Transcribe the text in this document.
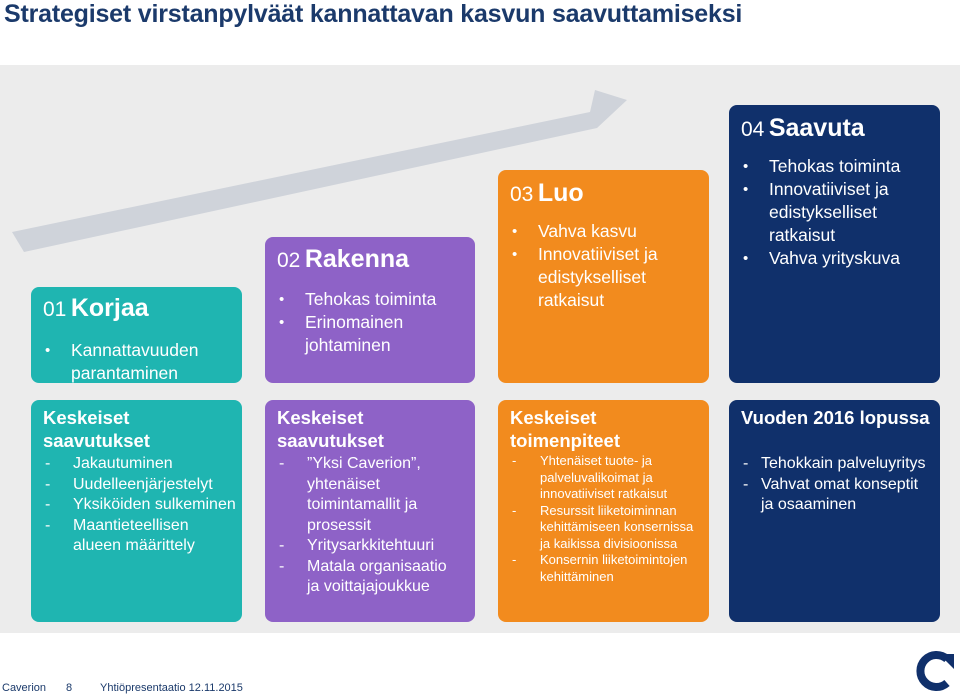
Strategiset virstanpylväät kannattavan kasvun saavuttamiseksi
01 Korjaa
• Kannattavuuden parantaminen
02 Rakenna
• Tehokas toiminta
• Erinomainen johtaminen
03 Luo
• Vahva kasvu
• Innovatiiviset ja edistykselliset ratkaisut
04 Saavuta
• Tehokas toiminta
• Innovatiiviset ja edistykselliset ratkaisut
• Vahva yrityskuva
Keskeiset saavutukset
- Jakautuminen
- Uudelleenjärjestelyt
- Yksiköiden sulkeminen
- Maantieteellisen alueen määrittely
Keskeiset saavutukset
- ”Yksi Caverion”, yhtenäiset toimintamallit ja prosessit
- Yritysarkkitehtuuri
- Matala organisaatio ja voittajajoukkue
Keskeiset toimenpiteet
- Yhtenäiset tuote- ja palveluvalikoimat ja innovatiiviset ratkaisut
- Resurssit liiketoiminnan kehittämiseen konsernissa ja kaikissa divisioonissa
- Konsernin liiketoimintojen kehittäminen
Vuoden 2016 lopussa
- Tehokkain palveluyritys
- Vahvat omat konseptit ja osaaminen
Caverion 8	Yhtiöpresentaatio 12.11.2015
